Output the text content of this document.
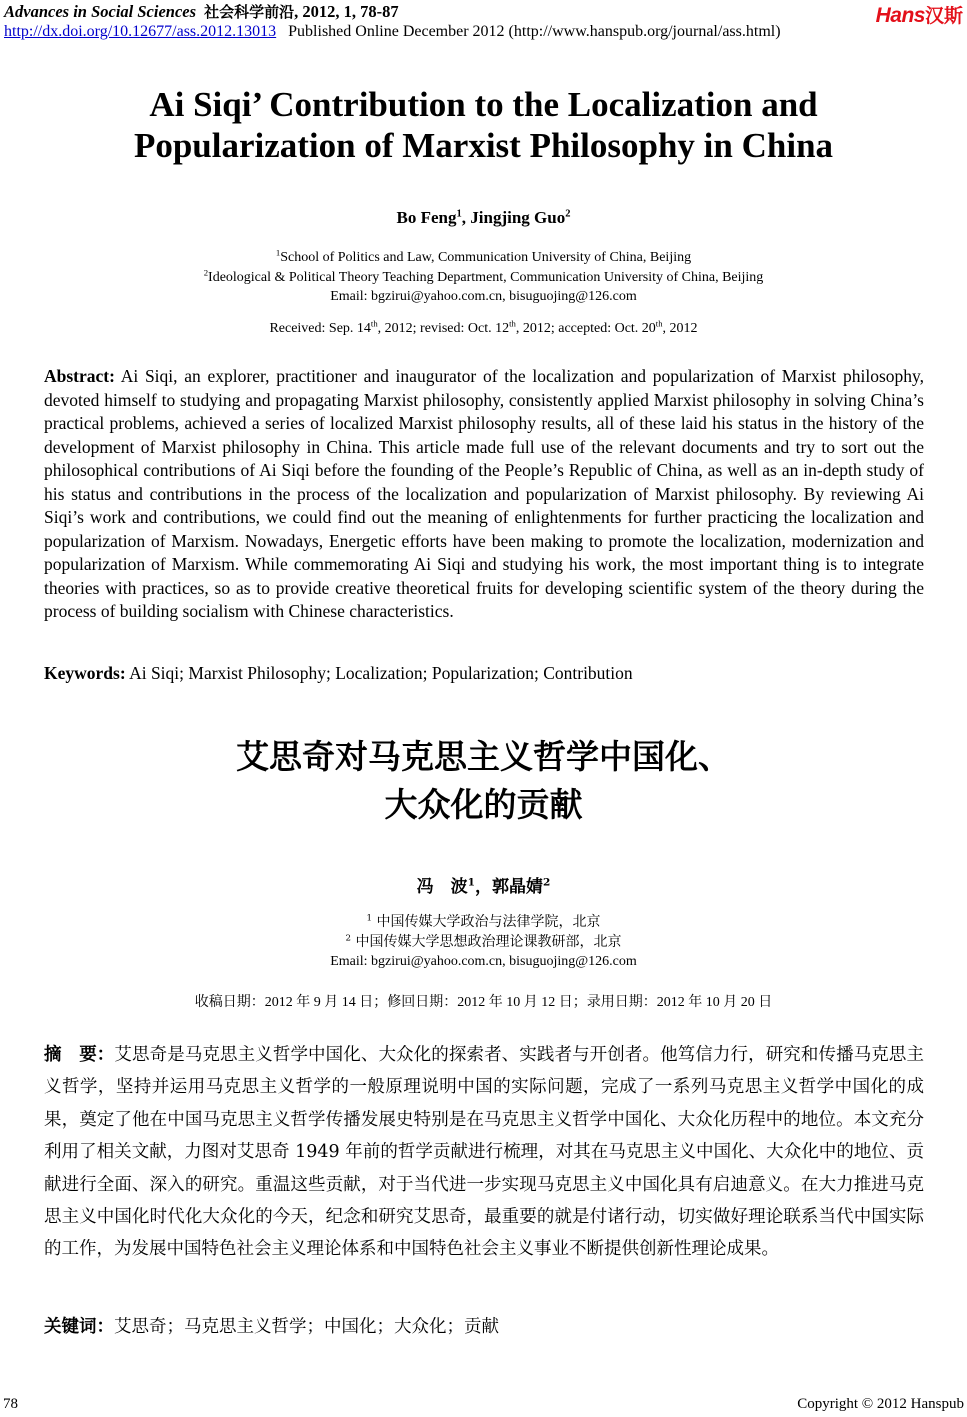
Advances in Social Sciences 社会科学前沿, 2012, 1, 78-87
http://dx.doi.org/10.12677/ass.2012.13013 Published Online December 2012 (http://www.hanspub.org/journal/ass.html)
Hans汉斯
Ai Siqi’ Contribution to the Localization and
Popularization of Marxist Philosophy in China
Bo Feng$^1$, Jingjing Guo$^2$
$^1$School of Politics and Law, Communication University of China, Beijing
$^2$Ideological & Political Theory Teaching Department, Communication University of China, Beijing
Email: bgzirui@yahoo.com.cn, bisuguojing@126.com
Received: Sep. 14th, 2012; revised: Oct. 12th, 2012; accepted: Oct. 20th, 2012
Abstract: Ai Siqi, an explorer, practitioner and inaugurator of the localization and popularization of Marxist philosophy, devoted himself to studying and propagating Marxist philosophy, consistently applied Marxist philosophy in solving China’s practical problems, achieved a series of localized Marxist philosophy results, all of these laid his status in the history of the development of Marxist philosophy in China. This article made full use of the relevant documents and try to sort out the philosophical contributions of Ai Siqi before the founding of the People’s Republic of China, as well as an in-depth study of his status and contributions in the process of the localization and popularization of Marxist philosophy. By reviewing Ai Siqi’s work and contributions, we could find out the meaning of enlightenments for further practicing the localization and popularization of Marxism. Nowadays, Energetic efforts have been making to promote the localization, modernization and popularization of Marxism. While commemorating Ai Siqi and studying his work, the most important thing is to integrate theories with practices, so as to provide creative theoretical fruits for developing scientific system of the theory during the process of building socialism with Chinese characteristics.
Keywords: Ai Siqi; Marxist Philosophy; Localization; Popularization; Contribution
艾思奇对马克思主义哲学中国化、
大众化的贡献
冯　波$^1$，郭晶婧$^2$
$^1$ 中国传媒大学政治与法律学院，北京
$^2$ 中国传媒大学思想政治理论课教研部，北京
Email: bgzirui@yahoo.com.cn, bisuguojing@126.com
收稿日期：2012 年 9 月 14 日；修回日期：2012 年 10 月 12 日；录用日期：2012 年 10 月 20 日
摘　要：艾思奇是马克思主义哲学中国化、大众化的探索者、实践者与开创者。他笃信力行，研究和传播马克思主义哲学，坚持并运用马克思主义哲学的一般原理说明中国的实际问题，完成了一系列马克思主义哲学中国化的成果，奠定了他在中国马克思主义哲学传播发展史特别是在马克思主义哲学中国化、大众化历程中的地位。本文充分利用了相关文献，力图对艾思奇 1949 年前的哲学贡献进行梳理，对其在马克思主义中国化、大众化中的地位、贡献进行全面、深入的研究。重温这些贡献，对于当代进一步实现马克思主义中国化具有启迪意义。在大力推进马克思主义中国化时代化大众化的今天，纪念和研究艾思奇，最重要的就是付诸行动，切实做好理论联系当代中国实际的工作，为发展中国特色社会主义理论体系和中国特色社会主义事业不断提供创新性理论成果。
关键词：艾思奇；马克思主义哲学；中国化；大众化；贡献
78	Copyright © 2012 Hanspub
